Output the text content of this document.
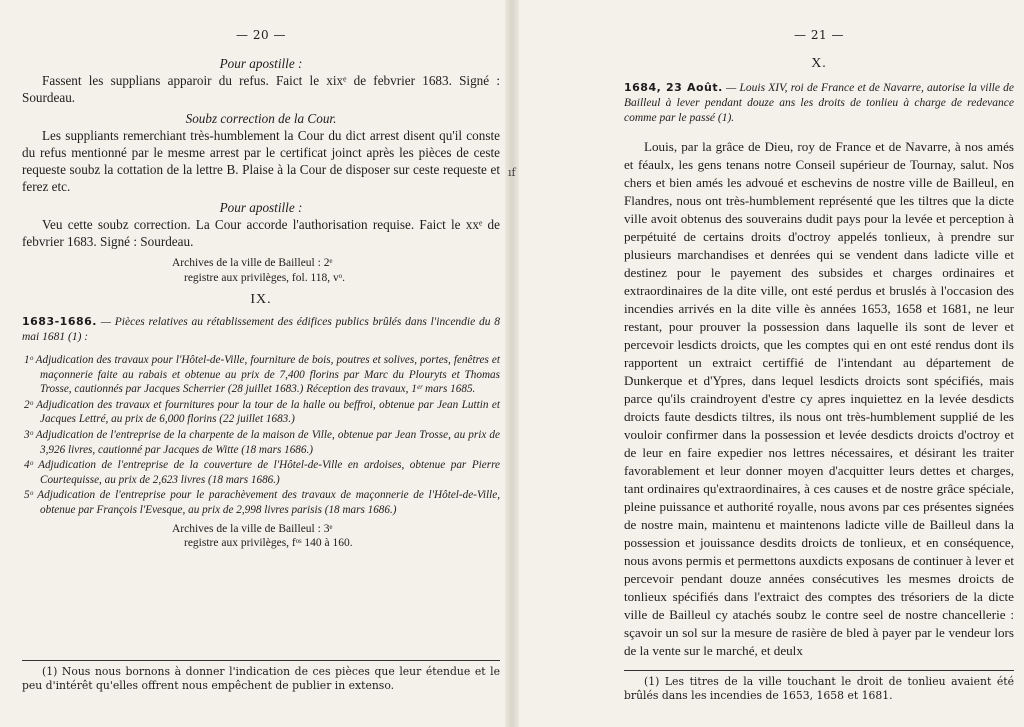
ıf
— 20 —

Pour apostille :

Fassent les supplians apparoir du refus. Faict le xixᵉ de febvrier 1683. Signé : Sourdeau.

Soubz correction de la Cour.

Les suppliants remerchiant très-humblement la Cour du dict arrest disent qu'il conste du refus mentionné par le mesme arrest par le certificat joinct après les pièces de ceste requeste soubz la cottation de la lettre B. Plaise à la Cour de disposer sur ceste requeste et ferez etc.

Pour apostille :

Veu cette soubz correction. La Cour accorde l'authorisation requise. Faict le xxᵉ de febvrier 1683. Signé : Sourdeau.

Archives de la ville de Bailleul : 2ᵉ
registre aux privilèges, fol. 118, vᵒ.

IX.

1683-1686. — Pièces relatives au rétablissement des édifices publics brûlés dans l'incendie du 8 mai 1681 (1) :

1ᵒ Adjudication des travaux pour l'Hôtel-de-Ville, fourniture de bois, poutres et solives, portes, fenêtres et maçonnerie faite au rabais et obtenue au prix de 7,400 florins par Marc du Plouryts et Thomas Trosse, cautionnés par Jacques Scherrier (28 juillet 1683.) Réception des travaux, 1ᵉʳ mars 1685.

2ᵒ Adjudication des travaux et fournitures pour la tour de la halle ou beffroi, obtenue par Jean Luttin et Jacques Lettré, au prix de 6,000 florins (22 juillet 1683.)

3ᵒ Adjudication de l'entreprise de la charpente de la maison de Ville, obtenue par Jean Trosse, au prix de 3,926 livres, cautionné par Jacques de Witte (18 mars 1686.)

4ᵒ Adjudication de l'entreprise de la couverture de l'Hôtel-de-Ville en ardoises, obtenue par Pierre Courtequisse, au prix de 2,623 livres (18 mars 1686.)

5ᵒ Adjudication de l'entreprise pour le parachèvement des travaux de maçonnerie de l'Hôtel-de-Ville, obtenue par François l'Evesque, au prix de 2,998 livres parisis (18 mars 1686.)

Archives de la ville de Bailleul : 3ᵉ
registre aux privilèges, fᵒˢ 140 à 160.

(1) Nous nous bornons à donner l'indication de ces pièces que leur étendue et le peu d'intérêt qu'elles offrent nous empêchent de publier in extenso.

— 21 —

X.

1684, 23 Août. — Louis XIV, roi de France et de Navarre, autorise la ville de Bailleul à lever pendant douze ans les droits de tonlieu à charge de redevance comme par le passé (1).

Louis, par la grâce de Dieu, roy de France et de Navarre, à nos amés et féaulx, les gens tenans notre Conseil supérieur de Tournay, salut. Nos chers et bien amés les advoué et eschevins de nostre ville de Bailleul, en Flandres, nous ont très-humblement représenté que les tiltres que la dicte ville avoit obtenus des souverains dudit pays pour la levée et perception à perpétuité de certains droits d'octroy appelés tonlieux, à prendre sur plusieurs marchandises et denrées qui se vendent dans ladicte ville et destinez pour le payement des subsides et charges ordinaires et extraordinaires de la dite ville, ont esté perdus et bruslés à l'occasion des incendies arrivés en la dite ville ès années 1653, 1658 et 1681, ne leur restant, pour prouver la possession dans laquelle ils sont de lever et percevoir lesdicts droicts, que les comptes qui en ont esté rendus dont ils rapportent un extraict certiffié de l'intendant au département de Dunkerque et d'Ypres, dans lequel lesdicts droicts sont spécifiés, mais parce qu'ils craindroyent d'estre cy apres inquiettez en la levée desdicts droicts faute desdicts tiltres, ils nous ont très-humblement supplié de les vouloir confirmer dans la possession et levée desdicts droicts d'octroy et de leur en faire expedier nos lettres nécessaires, et désirant les traiter favorablement et leur donner moyen d'acquitter leurs dettes et charges, tant ordinaires qu'extraordinaires, à ces causes et de nostre grâce spéciale, pleine puissance et authorité royalle, nous avons par ces présentes signées de nostre main, maintenu et maintenons ladicte ville de Bailleul dans la possession et jouissance desdits droicts de tonlieux, et en conséquence, nous avons permis et permettons auxdicts exposans de continuer à lever et percevoir pendant douze années consécutives les mesmes droicts de tonlieux spécifiés dans l'extraict des comptes des trésoriers de la dicte ville de Bailleul cy atachés soubz le contre seel de nostre chancellerie : sçavoir un sol sur la mesure de rasière de bled à payer par le vendeur lors de la vente sur le marché, et deulx

(1) Les titres de la ville touchant le droit de tonlieu avaient été brûlés dans les incendies de 1653, 1658 et 1681.
